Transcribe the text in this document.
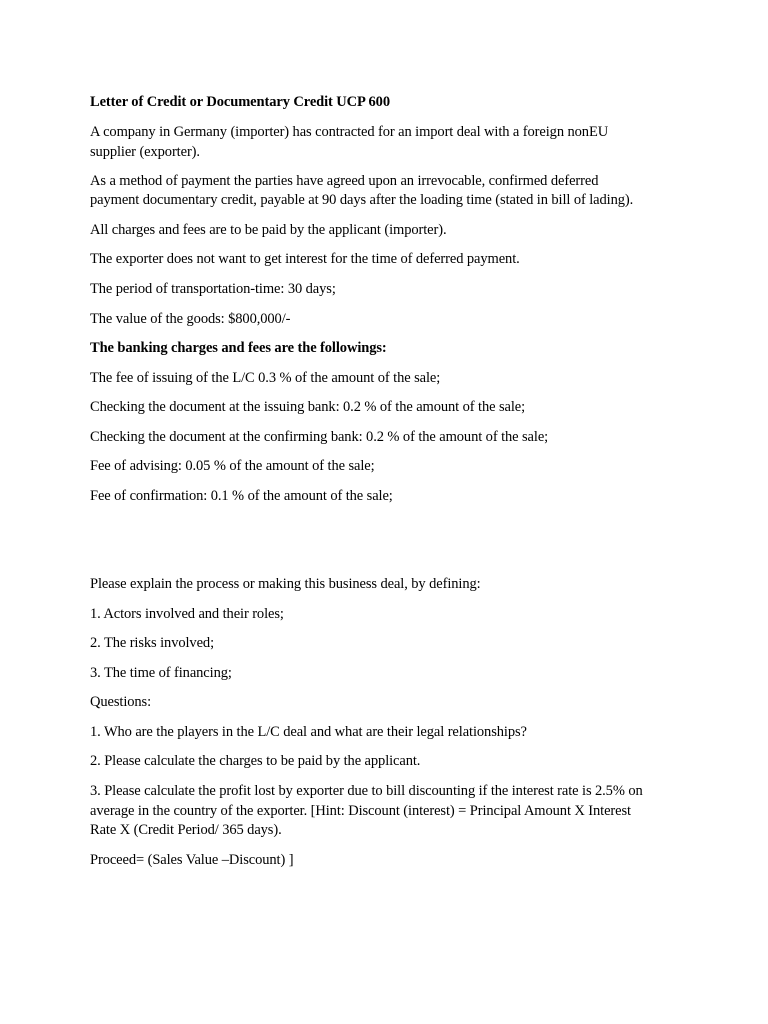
Letter of Credit or Documentary Credit UCP 600
A company in Germany (importer) has contracted for an import deal with a foreign nonEU
supplier (exporter).
As a method of payment the parties have agreed upon an irrevocable, confirmed deferred
payment documentary credit, payable at 90 days after the loading time (stated in bill of lading).
All charges and fees are to be paid by the applicant (importer).
The exporter does not want to get interest for the time of deferred payment.
The period of transportation-time: 30 days;
The value of the goods: $800,000/-
The banking charges and fees are the followings:
The fee of issuing of the L/C 0.3 % of the amount of the sale;
Checking the document at the issuing bank: 0.2 % of the amount of the sale;
Checking the document at the confirming bank: 0.2 % of the amount of the sale;
Fee of advising: 0.05 % of the amount of the sale;
Fee of confirmation: 0.1 % of the amount of the sale;
Please explain the process or making this business deal, by defining:
1. Actors involved and their roles;
2. The risks involved;
3. The time of financing;
Questions:
1. Who are the players in the L/C deal and what are their legal relationships?
2. Please calculate the charges to be paid by the applicant.
3. Please calculate the profit lost by exporter due to bill discounting if the interest rate is 2.5% on
average in the country of the exporter. [Hint: Discount (interest) = Principal Amount X Interest
Rate X (Credit Period/ 365 days).
Proceed= (Sales Value –Discount) ]
